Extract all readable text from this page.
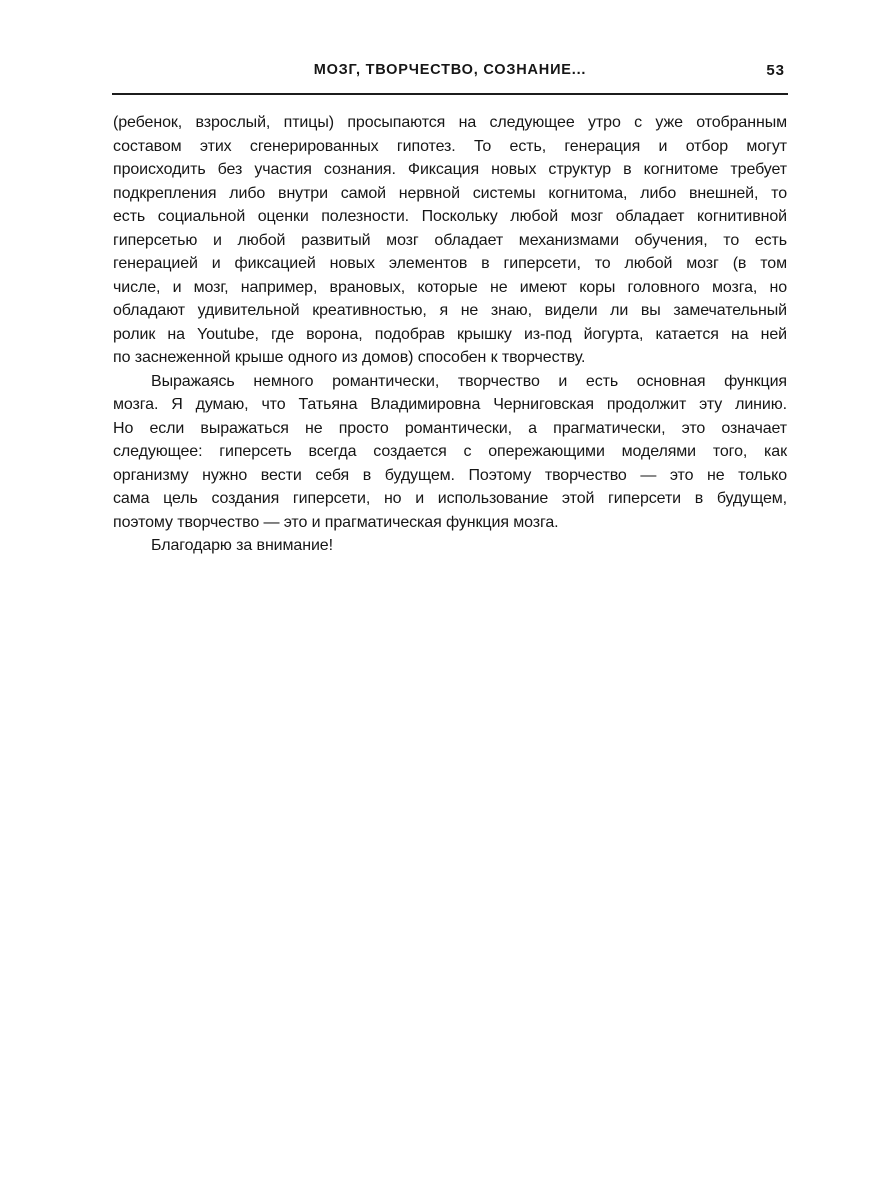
МОЗГ, ТВОРЧЕСТВО, СОЗНАНИЕ...	53
(ребенок, взрослый, птицы) просыпаются на следующее утро с уже отобранным
составом этих сгенерированных гипотез. То есть, генерация и отбор могут
происходить без участия сознания. Фиксация новых структур в когнитоме требует
подкрепления либо внутри самой нервной системы когнитома, либо внешней, то
есть социальной оценки полезности. Поскольку любой мозг обладает когнитивной
гиперсетью и любой развитый мозг обладает механизмами обучения, то есть
генерацией и фиксацией новых элементов в гиперсети, то любой мозг (в том
числе, и мозг, например, врановых, которые не имеют коры головного мозга, но
обладают удивительной креативностью, я не знаю, видели ли вы замечательный
ролик на Youtube, где ворона, подобрав крышку из-под йогурта, катается на ней
по заснеженной крыше одного из домов) способен к творчеству.
Выражаясь немного романтически, творчество и есть основная функция
мозга. Я думаю, что Татьяна Владимировна Черниговская продолжит эту линию.
Но если выражаться не просто романтически, а прагматически, это означает
следующее: гиперсеть всегда создается с опережающими моделями того, как
организму нужно вести себя в будущем. Поэтому творчество — это не только
сама цель создания гиперсети, но и использование этой гиперсети в будущем,
поэтому творчество — это и прагматическая функция мозга.
Благодарю за внимание!
